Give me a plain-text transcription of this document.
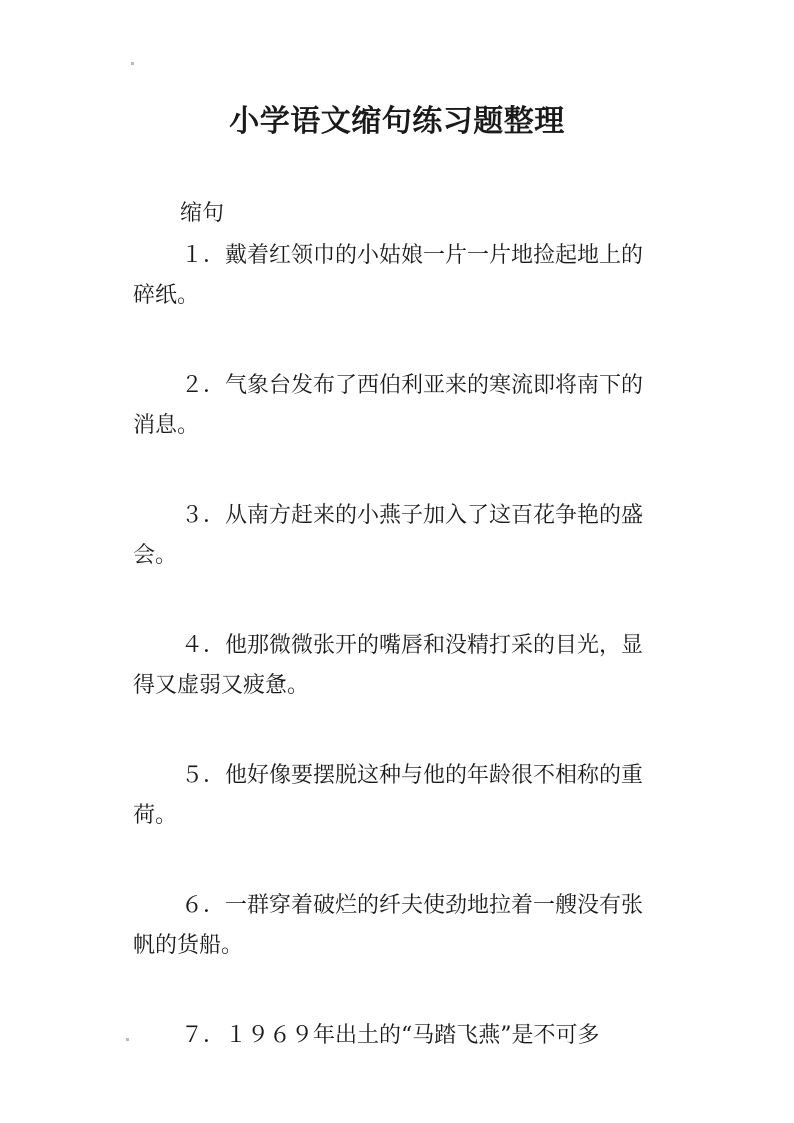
小学语文缩句练习题整理

缩句

１．戴着红领巾的小姑娘一片一片地捡起地上的碎纸。
２．气象台发布了西伯利亚来的寒流即将南下的消息。
３．从南方赶来的小燕子加入了这百花争艳的盛会。
４．他那微微张开的嘴唇和没精打采的目光，显得又虚弱又疲惫。
５．他好像要摆脱这种与他的年龄很不相称的重荷。
６．一群穿着破烂的纤夫使劲地拉着一艘没有张帆的货船。
７．１９６９年出土的“马踏飞燕”是不可多
